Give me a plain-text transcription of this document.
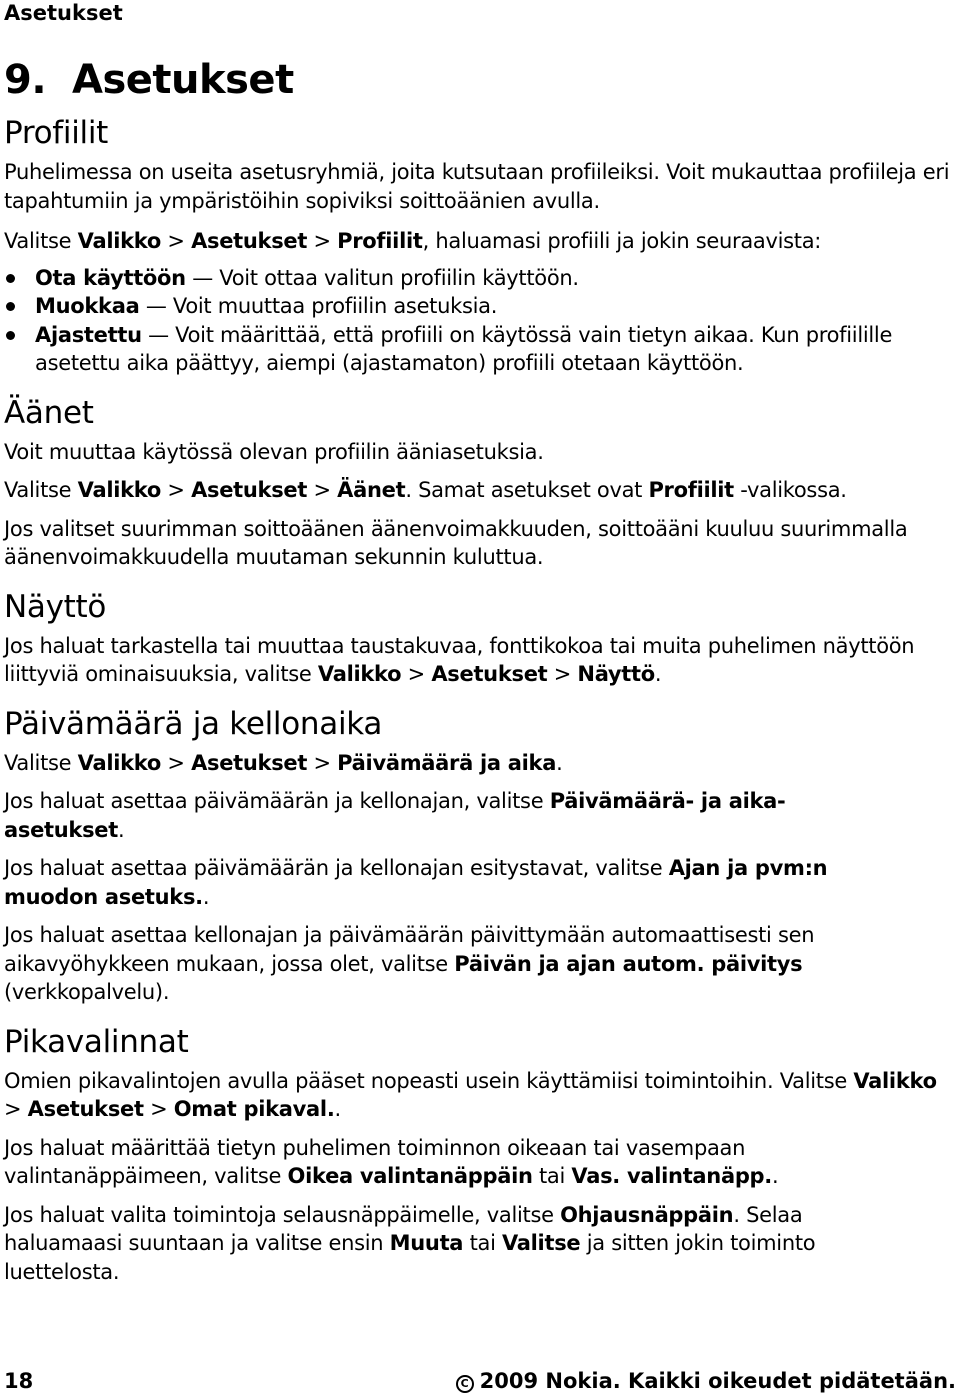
Asetukset
9. Asetukset
Profiilit

Puhelimessa on useita asetusryhmiä, joita kutsutaan profiileiksi. Voit mukauttaa profiileja eri tapahtumiin ja ympäristöihin sopiviksi soittoäänien avulla.

Valitse Valikko > Asetukset > Profiilit, haluamasi profiili ja jokin seuraavista:

Ota käyttöön — Voit ottaa valitun profiilin käyttöön.
Muokkaa — Voit muuttaa profiilin asetuksia.
Ajastettu — Voit määrittää, että profiili on käytössä vain tietyn aikaa. Kun profiilille asetettu aika päättyy, aiempi (ajastamaton) profiili otetaan käyttöön.
Äänet

Voit muuttaa käytössä olevan profiilin ääniasetuksia.

Valitse Valikko > Asetukset > Äänet. Samat asetukset ovat Profiilit -valikossa.

Jos valitset suurimman soittoäänen äänenvoimakkuuden, soittoääni kuuluu suurimmalla äänenvoimakkuudella muutaman sekunnin kuluttua.

Näyttö

Jos haluat tarkastella tai muuttaa taustakuvaa, fonttikokoa tai muita puhelimen näyttöön liittyviä ominaisuuksia, valitse Valikko > Asetukset > Näyttö.

Päivämäärä ja kellonaika

Valitse Valikko > Asetukset > Päivämäärä ja aika.

Jos haluat asettaa päivämäärän ja kellonajan, valitse Päivämäärä- ja aika-asetukset.

Jos haluat asettaa päivämäärän ja kellonajan esitystavat, valitse Ajan ja pvm:n muodon asetuks..

Jos haluat asettaa kellonajan ja päivämäärän päivittymään automaattisesti sen aikavyöhykkeen mukaan, jossa olet, valitse Päivän ja ajan autom. päivitys (verkkopalvelu).

Pikavalinnat

Omien pikavalintojen avulla pääset nopeasti usein käyttämiisi toimintoihin. Valitse Valikko > Asetukset > Omat pikaval..

Jos haluat määrittää tietyn puhelimen toiminnon oikeaan tai vasempaan valintanäppäimeen, valitse Oikea valintanäppäin tai Vas. valintanäpp..

Jos haluat valita toimintoja selausnäppäimelle, valitse Ohjausnäppäin. Selaa haluamaasi suuntaan ja valitse ensin Muuta tai Valitse ja sitten jokin toiminto luettelosta.

18	C 2009 Nokia. Kaikki oikeudet pidätetään.
